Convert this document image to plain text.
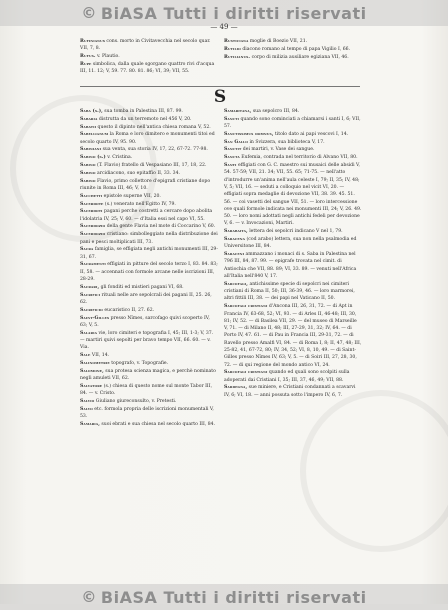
© BiASA Tutti i diritti riservati
— 49 —

Rufinianus cons. morto in Civitavecchia nel secolo quar. VII, 7, 8.

Rufus. v. Plautio.

Rupe simbolica, dalla quale sgorgano quattro rivi d'acqua III, 11. 12; V, 59. 77. 80. 81. 86; VI, 39; VII, 55.

Rusticiana moglie di Boezio VII, 21.

Rutilio diacono romano al tempo di papa Vigilio I, 66.

Rutilianus. corpo di milizia ausiliare egiziana VII, 46.

S

Saba (s.), sua tomba in Palestina III, 87. 99.

Sabaria distrutta da un terremoto nel 456 V, 20.

Sabatii questo il dipinto nell'antica chiesa romana V, 52.

Sabellianum la Roma e loro dimitero e monumenti titoi ed secolo quarto IV, 95. 90.

Sabiniani sua venta, sua storia IV, 17, 22, 67-72. 77-98.

Sabino (s.) v. Cristina.

Sabino (T. Flavio) fratello di Vespasiano III, 17, 18, 22.

Sabino arcidiacono, suo epitaffio II, 33. 34.

Sabino Flavio, primo collettore d'epigrafi cristiane dopo riunite in Roma III, 46; V, 10.

Sacchetti epistole superne VII, 20.

Sacerdote (s.) venerato nell'Egitto IV, 79.

Sacerdoti pagani perche costretti a cercare dopo abolita l'idolatria IV, 25; V, 60. — d'Italia essi nel capo VI, 55.

Sacerdozio della gente Flavia nel mote di Coccarino V, 60.

Sacerdozio cristiano: simbolleggiato nella distribuzione dei pani e pesci moltiplicati III, 73.

Sacra famiglia, se effigiata negli antichi monumenti III, 29-31, 67.

Sacramenti effigiati in pitture del secolo terzo I, 83. 84. 83; II, 58. — accennati con formole arcane nelle iscrizioni III, 28-29.

Sacrari, gli fonditi ed mistieri pagani VI, 68.

Sacrifici rituali nelle are sepolcrali dei pagani II, 25. 26, 62.

Sacrificio eucaristico II, 27. 62.

Saint-Gilles presso Nîmes, sarcofago quivi scoperto IV, 63; V, 5.

Salaria vie, loro cimiteri e topografia I, 45; III, 1-3; V, 37. — martiri quivi sepolti per bravo tempo VII, 66. 60. — v. Via.

Sale VII, 14.

Salinometrie topografo, v. Topografie.

Salomone, sua protesa scienza magica, e perchè nominato negli amuleti VII, 62.

Salvatore (s.) chiesa di questo nome sul monte Tabor III, 84. — v. Cristo.

Salvio Giuliano giureconsulto, v. Pretesti.

Salvo etc. formola propria delle iscrizioni monumentali V, 53.

Samaria, suoi ebrati e sua chiesa nel secolo quarto III, 84.

Samaritana, sua sepolcro III, 84.

Sancti quando sono cominciati a chiamarsi i santi I, 6; VII, 57.

Sanctissimus domnus, titolo dato ai papi vescovi I, 14.

San Gallo in Svizzera, sua biblioteca V, 17.

Sanctit dei martiri, v. Vase dei sangue.

Sancta Eufemia, contrada nel territorio di Alvano VII, 80.

Santi effigiati con G. C. maestro sui musaici delle absidi V, 54. 57-59; VII, 21. 34; VII, 55. 65; 71-75. — nell'atto d'introdurre un'anima nell'aula celeste I, 79; II, 35; IV, 48; V, 5; VII, 16. — seduti a colloquio nel vicit VI, 20. — effigiati sopra medaglie di devozione VII, 38. 39. 45. 51. 56. — coi vasetti del sangue VII, 51. — loro intercessione ove quali formole indicata nei monumenti III, 24; V, 26. 49. 50. — loro nomi adottati negli antichi fedeli per devozione V, 6. — v. Invocazioni, Martiri.

Sarabaita, lettera dei sepolcri indicano V nel 1, 79.

Saracena (cod arabo) lettera, sua non nella psalmodia ed Universitone III, 84.

Saraceni ammazzano i monaci di s. Saba in Palestina nel 796 III, 84, 87. 99. — epigrafe trovata nel cimit. di Antiochia che VII, 88. 89; VI, 33. 89. — venuti nell'Africa all'Italia nell'840 V, 17.

Sarcofagi, antichissime specie di sepolcri nei cimiteri cristiani di Roma II, 50; III, 36-39, 46. — loro marmorei, altri fittili III, 38. — dei papi nel Vaticano II, 50.

Sarcofagi cristiani d'Ancona III, 26, 31, 72. — di Apt in Francia IV, 63-68, 52; VI, 93. — di Arles II, 46-48; III, 30, 81; IV, 52. — di Basilea VII, 29. — del museo di Marseille V, 71. — di Milano II, 48; III, 27-29, 31, 32; IV, 64. — di Porto IV, 47. 61. — di Pau in Francia III, 29-31, 72. — di Ravello presso Amalfi VI, 84. — di Roma I, 8; II, 47, 48; III, 25-82, 41, 67-72, 80; IV, 34, 52; VI, 8, 10, 49. — di Saint-Gilles presso Nîmes IV, 63; V, 5. — di Soiri III, 27, 28, 30, 72. — di qui regione del mondo antico VI, 24.

Sarcofagi cristiani quando ed quali sono scolpiti sulla adoperati dai Cristiani I, 35; III, 37, 46, 49; VII, 88.

Sardegna, sue miniere, e Cristiani condannati a scavarvi IV, 6; VI, 18. — anni possuta sotto l'impero IV, 6, 7.

© BiASA Tutti i diritti riservati
